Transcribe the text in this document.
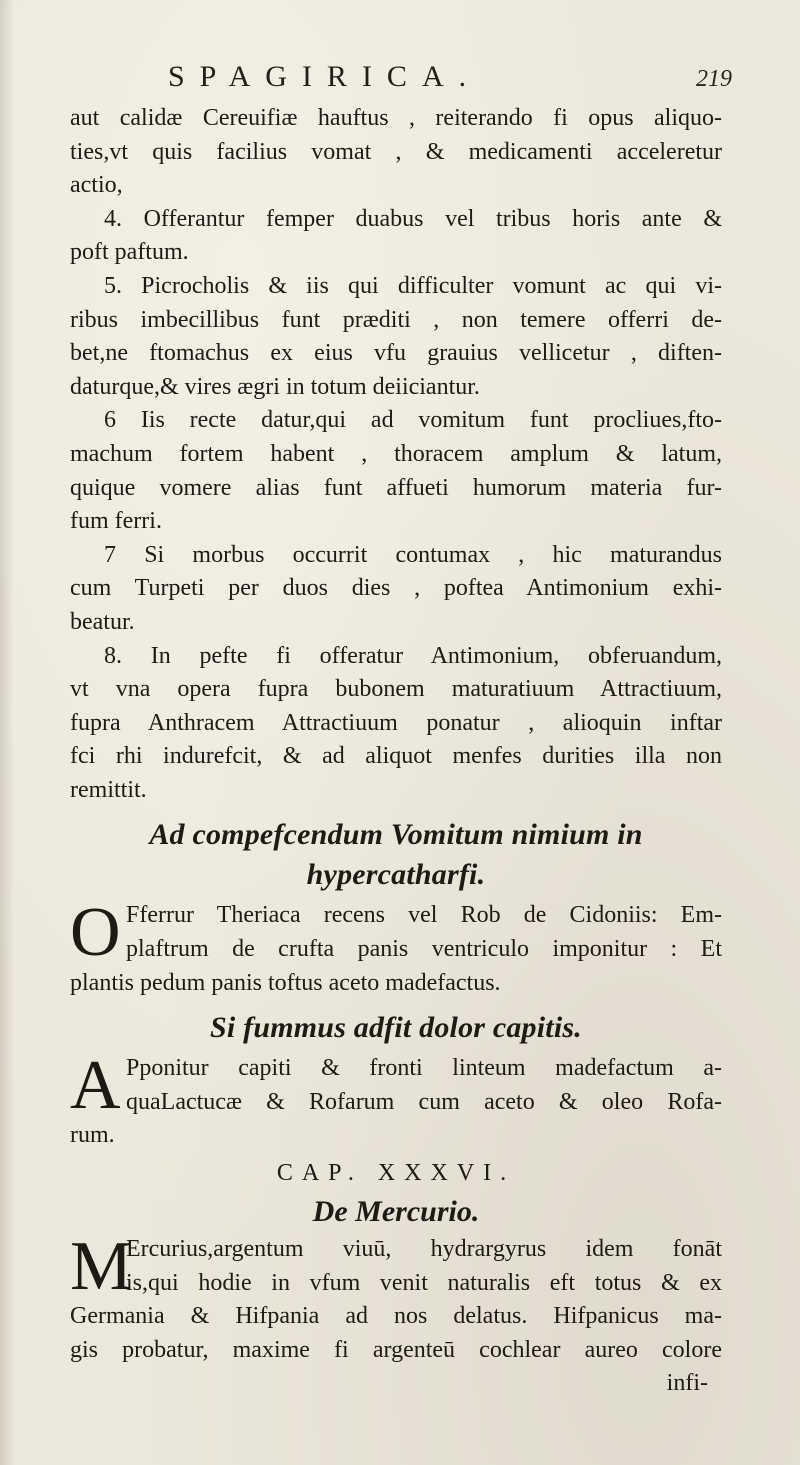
SPAGIRICA.	219
aut calidæ Cereuifiæ hauftus , reiterando fi opus aliquo-
ties,vt quis facilius vomat , & medicamenti acceleretur
actio,
4. Offerantur femper duabus vel tribus horis ante &
poft paftum.
5. Picrocholis & iis qui difficulter vomunt ac qui vi-
ribus imbecillibus funt præditi , non temere offerri de-
bet,ne ftomachus ex eius vfu grauius vellicetur , diften-
daturque,& vires ægri in totum deiiciantur.
6 Iis recte datur,qui ad vomitum funt procliues,fto-
machum fortem habent , thoracem amplum & latum,
quique vomere alias funt affueti humorum materia fur-
fum ferri.
7 Si morbus occurrit contumax , hic maturandus
cum Turpeti per duos dies , poftea Antimonium exhi-
beatur.
8. In pefte fi offeratur Antimonium, obferuandum,
vt vna opera fupra bubonem maturatiuum Attractiuum,
fupra Anthracem Attractiuum ponatur , alioquin inftar
fci rhi indurefcit, & ad aliquot menfes durities illa non
remittit.
Ad compefcendum Vomitum nimium in
hypercatharfi.
O Fferrur Theriaca recens vel Rob de Cidoniis: Em-
plaftrum de crufta panis ventriculo imponitur : Et
plantis pedum panis toftus aceto madefactus.
Si fummus adfit dolor capitis.
A Pponitur capiti & fronti linteum madefactum a-
quaLactucæ & Rofarum cum aceto & oleo Rofa-
rum.
CAP. XXXVI.
De Mercurio.
M
Ercurius,argentum viuū, hydrargyrus idem fonāt
is,qui hodie in vfum venit naturalis eft totus & ex
Germania & Hifpania ad nos delatus. Hifpanicus ma-
gis probatur, maxime fi argenteū cochlear aureo colore
infi-
